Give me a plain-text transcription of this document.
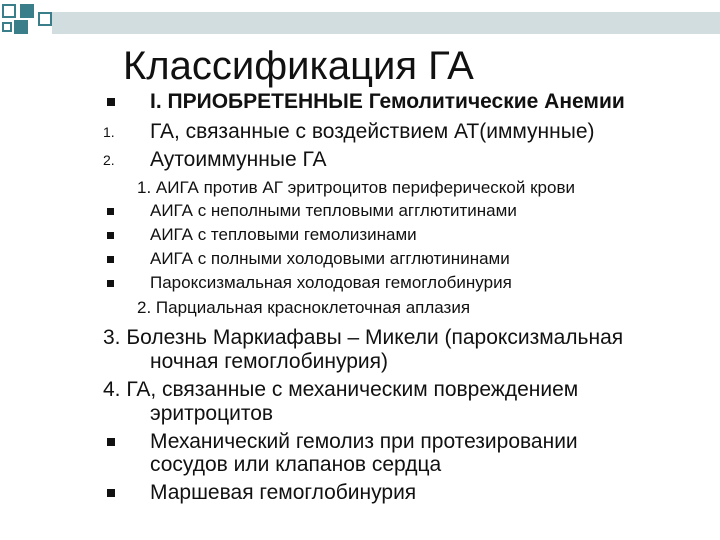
Классификация ГА
I. ПРИОБРЕТЕННЫЕ Гемолитические Анемии
1. ГА, связанные с воздействием АТ(иммунные)
2. Аутоиммунные ГА
1. АИГА против АГ эритроцитов периферической крови
АИГА с неполными тепловыми агглютитинами
АИГА с тепловыми гемолизинами
АИГА с полными холодовыми агглютининами
Пароксизмальная холодовая гемоглобинурия
2. Парциальная красноклеточная аплазия
3. Болезнь Маркиафавы – Микели (пароксизмальная
ночная гемоглобинурия)
4. ГА, связанные с механическим повреждением
эритроцитов
Механический гемолиз при протезировании
сосудов или клапанов сердца
Маршевая гемоглобинурия
